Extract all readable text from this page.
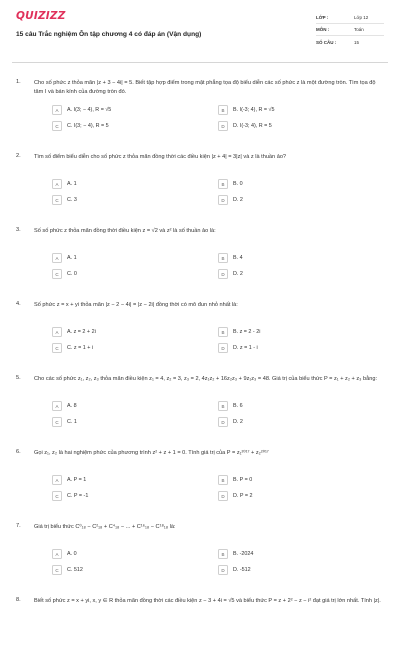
QUIZIZZ
15 câu Trắc nghiệm Ôn tập chương 4 có đáp án (Vận dụng)
LỚP :	Lớp 12
MÔN :	Toán
SỐ CÂU :	15
1.	Cho số phức z thỏa mãn |z + 3 − 4i| = 5. Biết tập hợp điểm trong mặt phẳng tọa độ biểu diễn các số phức z là một đường tròn. Tìm tọa độ tâm I và bán kính của đường tròn đó.
A	A. I(3; − 4), R = √5	B	B. I(-3; 4), R = √5
C	C. I(3; − 4), R = 5	D	D. I(-3; 4), R = 5
2.	Tìm số điểm biểu diễn cho số phức z thỏa mãn đồng thời các điều kiện |z + 4| = 3|z| và z là thuần ảo?
A	A. 1	B	B. 0
C	C. 3	D	D. 2
3.	Số số phức z thỏa mãn đồng thời điều kiện z = √2 và z² là số thuần ảo là:
A	A. 1	B	B. 4
C	C. 0	D	D. 2
4.	Số phức z = x + yi thỏa mãn |z − 2 − 4i| = |z − 2i| đồng thời có mô đun nhỏ nhất là:
A	A. z = 2 + 2i	B	B. z = 2 - 2i
C	C. z = 1 + i	D	D. z = 1 - i
5.	Cho các số phức z₁, z₂, z₃ thỏa mãn điều kiện z₁ = 4, z₂ = 3, z₃ = 2, 4z₁z₂ + 16z₂z₃ + 9z₁z₃ = 48. Giá trị của biểu thức P = z₁ + z₂ + z₃ bằng:
A	A. 8	B	B. 6
C	C. 1	D	D. 2
6.	Gọi z₁, z₂ là hai nghiệm phức của phương trình z² + z + 1 = 0. Tính giá trị của P = z₁²⁰¹⁷ + z₂²⁰¹⁷
A	A. P = 1	B	B. P = 0
C	C. P = -1	D	D. P = 2
7.	Giá trị biểu thức C⁰₁₈ − C²₁₈ + C⁴₁₈ − ... + C¹⁶₁₈ − C¹⁸₁₈ là:
A	A. 0	B	B. -2024
C	C. 512	D	D. -512
8.	Biết số phức z = x + yi, x, y ∈ R thỏa mãn đồng thời các điều kiện z − 3 + 4i = √5 và biểu thức P = z + 2² − z − i² đạt giá trị lớn nhất. Tính |z|.
